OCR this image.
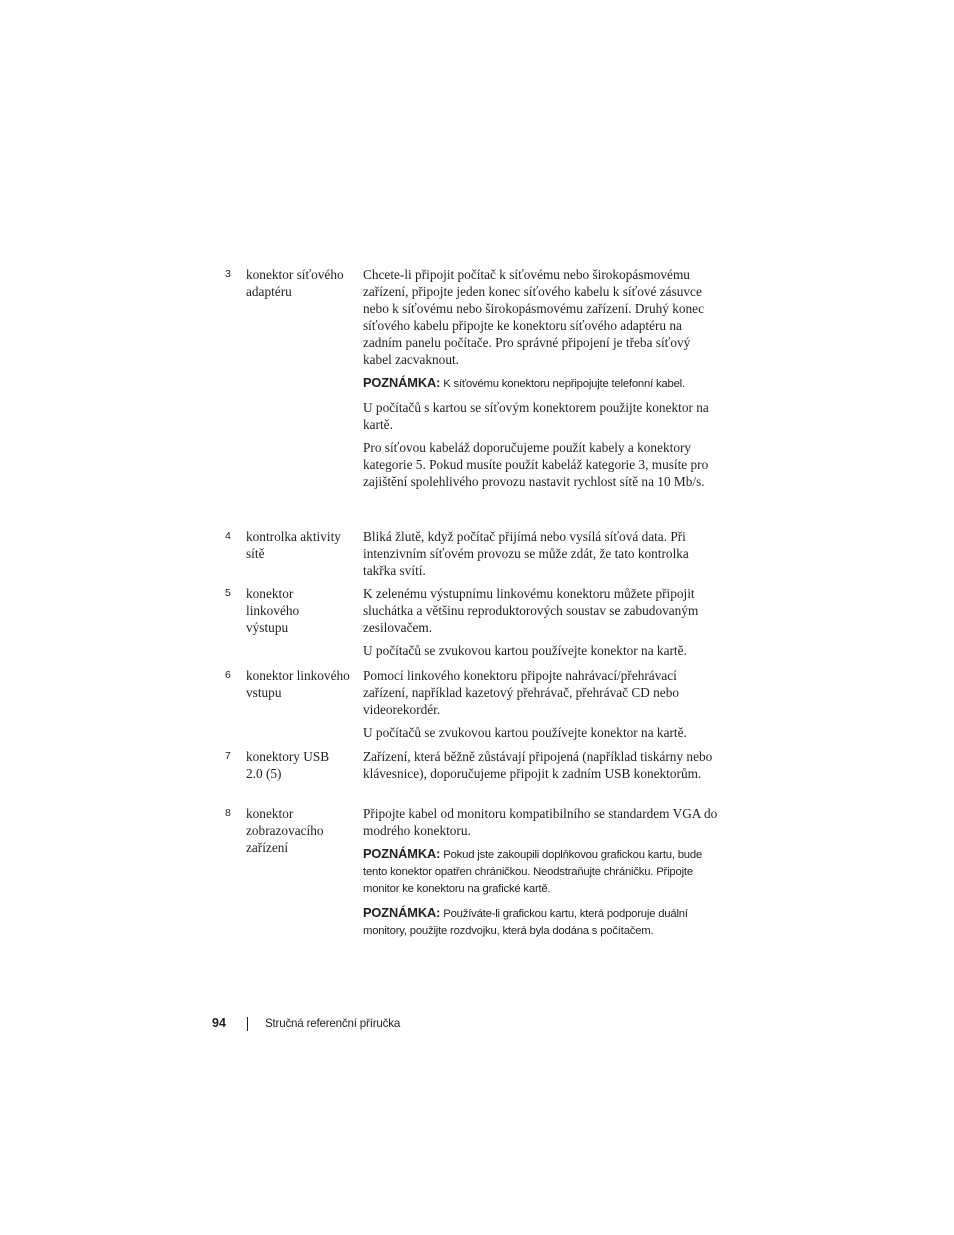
3 konektor síťového adaptéru

Chcete-li připojit počítač k síťovému nebo širokopásmovému zařízení, připojte jeden konec síťového kabelu k síťové zásuvce nebo k síťovému nebo širokopásmovému zařízení. Druhý konec síťového kabelu připojte ke konektoru síťového adaptéru na zadním panelu počítače. Pro správné připojení je třeba síťový kabel zacvaknout.

POZNÁMKA: K síťovému konektoru nepřipojujte telefonní kabel.

U počítačů s kartou se síťovým konektorem použijte konektor na kartě.

Pro síťovou kabeláž doporučujeme použít kabely a konektory kategorie 5. Pokud musíte použít kabeláž kategorie 3, musíte pro zajištění spolehlivého provozu nastavit rychlost sítě na 10 Mb/s.

4 kontrolka aktivity sítě

Bliká žlutě, když počítač přijímá nebo vysílá síťová data. Při intenzivním síťovém provozu se může zdát, že tato kontrolka takřka svítí.

5 konektor linkového výstupu

K zelenému výstupnímu linkovému konektoru můžete připojit sluchátka a většinu reproduktorových soustav se zabudovaným zesilovačem.

U počítačů se zvukovou kartou používejte konektor na kartě.

6 konektor linkového vstupu

Pomocí linkového konektoru připojte nahrávací/přehrávací zařízení, například kazetový přehrávač, přehrávač CD nebo videorekordér.

U počítačů se zvukovou kartou používejte konektor na kartě.

7 konektory USB 2.0 (5)

Zařízení, která běžně zůstávají připojená (například tiskárny nebo klávesnice), doporučujeme připojit k zadním USB konektorům.

8 konektor zobrazovacího zařízení

Připojte kabel od monitoru kompatibilního se standardem VGA do modrého konektoru.

POZNÁMKA: Pokud jste zakoupili doplňkovou grafickou kartu, bude tento konektor opatřen chráničkou. Neodstraňujte chráničku. Připojte monitor ke konektoru na grafické kartě.
POZNÁMKA: Používáte-li grafickou kartu, která podporuje duální monitory, použijte rozdvojku, která byla dodána s počítačem.
94	Stručná referenční příručka
